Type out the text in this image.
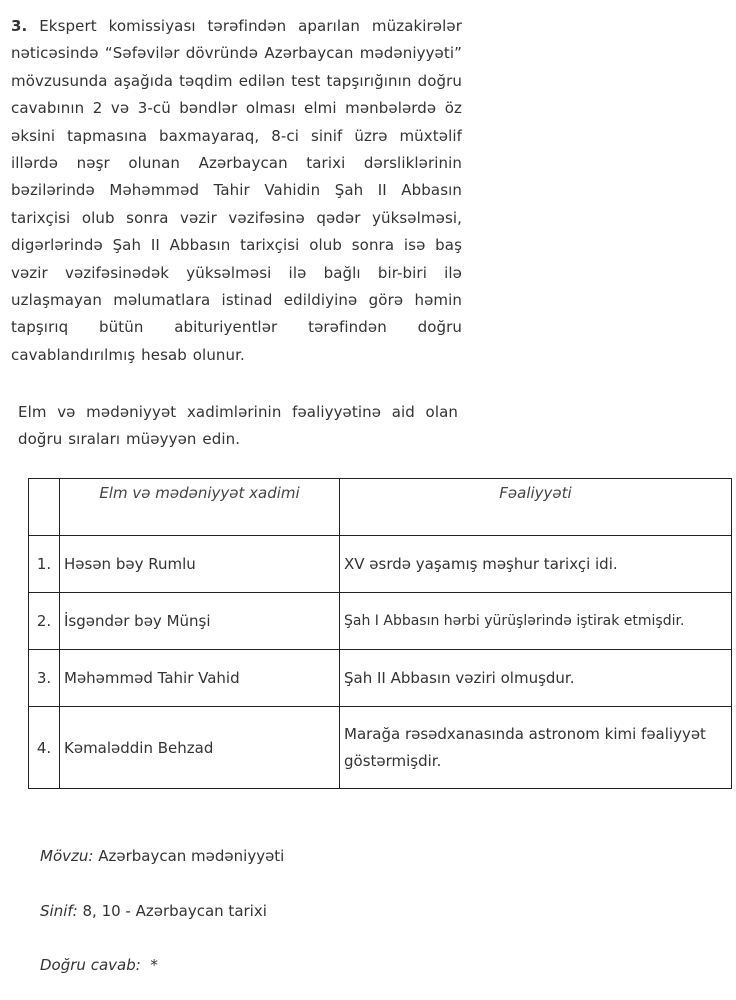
3. Ekspert komissiyası tərəfindən aparılan müzakirələr nəticəsində “Səfəvilər dövründə Azərbaycan mədəniyyəti” mövzusunda aşağıda təqdim edilən test tapşırığının doğru cavabının 2 və 3-cü bəndlər olması elmi mənbələrdə öz əksini tapmasına baxmayaraq, 8-ci sinif üzrə müxtəlif illərdə nəşr olunan Azərbaycan tarixi dərsliklərinin bəzilərində Məhəmməd Tahir Vahidin Şah II Abbasın tarixçisi olub sonra vəzir vəzifəsinə qədər yüksəlməsi, digərlərində Şah II Abbasın tarixçisi olub sonra isə baş vəzir vəzifəsinədək yüksəlməsi ilə bağlı bir-biri ilə uzlaşmayan məlumatlara istinad edildiyinə görə həmin tapşırıq bütün abituriyentlər tərəfindən doğru cavablandırılmış hesab olunur.

Elm və mədəniyyət xadimlərinin fəaliyyətinə aid olan doğru sıraları müəyyən edin.

	Elm və mədəniyyət xadimi	Fəaliyyəti
1.	Həsən bəy Rumlu	XV əsrdə yaşamış məşhur tarixçi idi.
2.	İsgəndər bəy Münşi	Şah I Abbasın hərbi yürüşlərində iştirak etmişdir.
3.	Məhəmməd Tahir Vahid	Şah II Abbasın vəziri olmuşdur.
4.	Kəmaləddin Behzad	Marağa rəsədxanasında astronom kimi fəaliyyət göstərmişdir.

Mövzu: Azərbaycan mədəniyyəti

Sinif: 8, 10 - Azərbaycan tarixi

Doğru cavab: *
